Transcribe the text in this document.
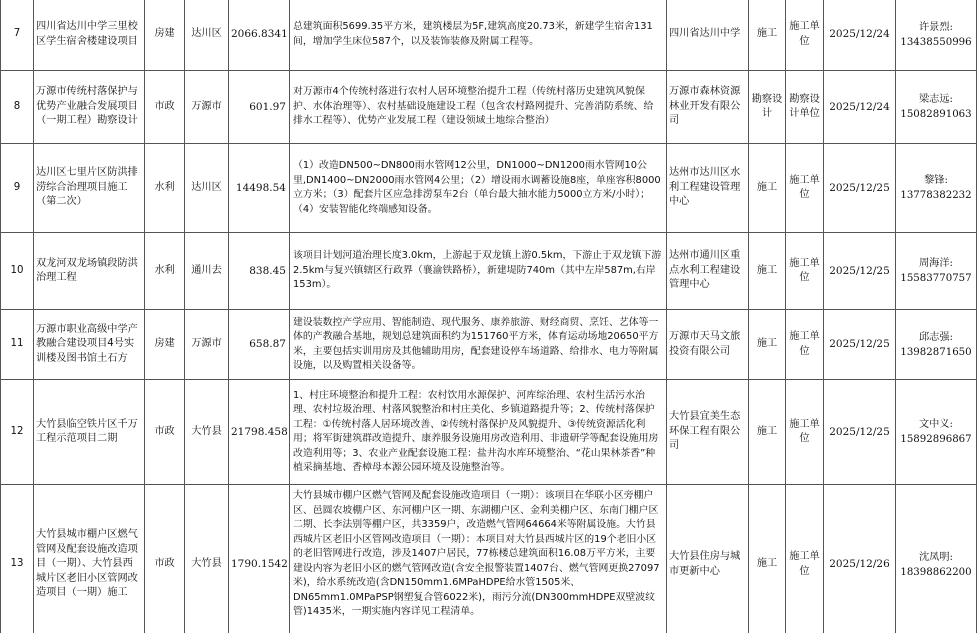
7	四川省达川中学三里校区学生宿舍楼建设项目	房建	达川区	2066.8341	总建筑面积5699.35平方米，建筑楼层为5F,建筑高度20.73米，新建学生宿舍131间，增加学生床位587个，以及装饰装修及附属工程等。	四川省达川中学	施工	施工单位	2025/12/24	许景烈:
13438550996

8	万源市传统村落保护与优势产业融合发展项目（一期工程）勘察设计	市政	万源市	601.97	对万源市4个传统村落进行农村人居环境整治提升工程（传统村落历史建筑风貌保护、水体治理等）、农村基础设施建设工程（包含农村路网提升、完善消防系统、给排水工程等）、优势产业发展工程（建设领域土地综合整治）	万源市森林资源林业开发有限公司	勘察设计	勘察设计单位	2025/12/24	梁志远:
15082891063

9	达川区七里片区防洪排涝综合治理项目施工（第二次）	水利	达川区	14498.54	（1）改造DN500~DN800雨水管网12公里，DN1000~DN1200雨水管网10公里,DN1400~DN2000雨水管网4公里；（2）增设雨水调蓄设施8座，单座容积8000立方米；（3）配套片区应急排涝泵车2台（单台最大抽水能力5000立方米/小时）；（4）安装智能化终端感知设备。	达州市达川区水利工程建设管理中心	施工	施工单位	2025/12/25	黎锋:
13778382232

10	双龙河双龙场镇段防洪治理工程	水利	通川去	838.45	该项目计划河道治理长度3.0km，上游起于双龙镇上游0.5km，下游止于双龙镇下游2.5km与复兴镇辖区行政界（襄渝铁路桥），新建堤防740m（其中左岸587m,右岸153m）。	达州市通川区重点水利工程建设管理中心	施工	施工单位	2025/12/25	周海洋:
15583770757

11	万源市职业高级中学产教融合建设项目4号实训楼及图书馆土石方	房建	万源市	658.87	建设装数控产学应用、智能制造、现代服务、康养旅游、财经商贸、烹饪、艺体等一体的产教融合基地，规划总建筑面积约为151760平方米，体育运动场地20650平方米，主要包括实训用房及其他辅助用房，配套建设停车场道路、给排水、电力等附属设施，以及购置相关设备等。	万源市天马文旅投资有限公司	施工	施工单位	2025/12/25	邱志强:
13982871650

12	大竹县临空铁片区千万工程示范项目二期	市政	大竹县	21798.458	1、村庄环境整治和提升工程：农村饮用水源保护、河库综治理、农村生活污水治理、农村垃圾治理、村落风貌整治和村庄美化、乡镇道路提升等；2、传统村落保护工程：①传统村落人居环境改善、②传统村落保护及风貌提升、③传统资源活化利用；将军街建筑群改造提升、康养服务设施用房改造利用、非遗研学等配套设施用房改造利用等；3、农业产业配套设施工程：盐井沟水库环境整治、“花山果林茶香”种植采摘基地、香樟母本源公园环境及设施整治等。	大竹县宜美生态环保工程有限公司	施工	施工单位	2025/12/25	文中义:
15892896867

13	大竹县城市棚户区燃气管网及配套设施改造项目（一期）、大竹县西城片区老旧小区管网改造项目（一期）施工	市政	大竹县	1790.1542	大竹县城市棚户区燃气管网及配套设施改造项目（一期）：该项目在华联小区旁棚户区、邑圆农坡棚户区、东河棚户区一期、东湖棚户区、金利美棚户区、东南门棚户区二期、长李法别等棚户区，共3359户，改造燃气管网64664米等附属设施。大竹县西城片区老旧小区管网改造项目（一期）：本项目对大竹县西城片区的19个老旧小区的老旧管网进行改造，涉及1407户居民，77栋楼总建筑面积16.08万平方米，主要建设内容为老旧小区的燃气管网改造(含安全报警装置1407台、燃气管网更换27097米)，给水系统改造(含DN150mm1.6MPaHDPE给水管1505米、DN65mm1.0MPaPSP钢塑复合管6022米)，雨污分流(DN300mmHDPE双壁波纹管)1435米，一期实施内容详见工程清单。	大竹县住房与城市更新中心	施工	施工单位	2025/12/26	沈凤明:
18398862200
